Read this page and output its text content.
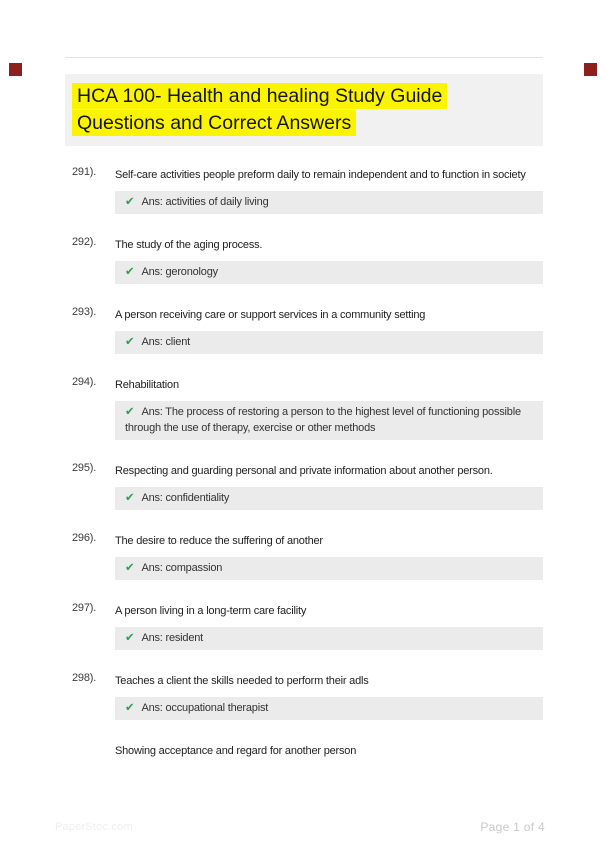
HCA 100- Health and healing Study Guide Questions and Correct Answers
291).	Self-care activities people preform daily to remain independent and to function in society
✔ Ans: activities of daily living
292).	The study of the aging process.
✔ Ans: geronology
293).	A person receiving care or support services in a community setting
✔ Ans: client
294).	Rehabilitation
✔ Ans: The process of restoring a person to the highest level of functioning possible through the use of therapy, exercise or other methods
295).	Respecting and guarding personal and private information about another person.
✔ Ans: confidentiality
296).	The desire to reduce the suffering of another
✔ Ans: compassion
297).	A person living in a long-term care facility
✔ Ans: resident
298).	Teaches a client the skills needed to perform their adls
✔ Ans: occupational therapist
Showing acceptance and regard for another person
PaperStoc.com	Page 1 of 4
